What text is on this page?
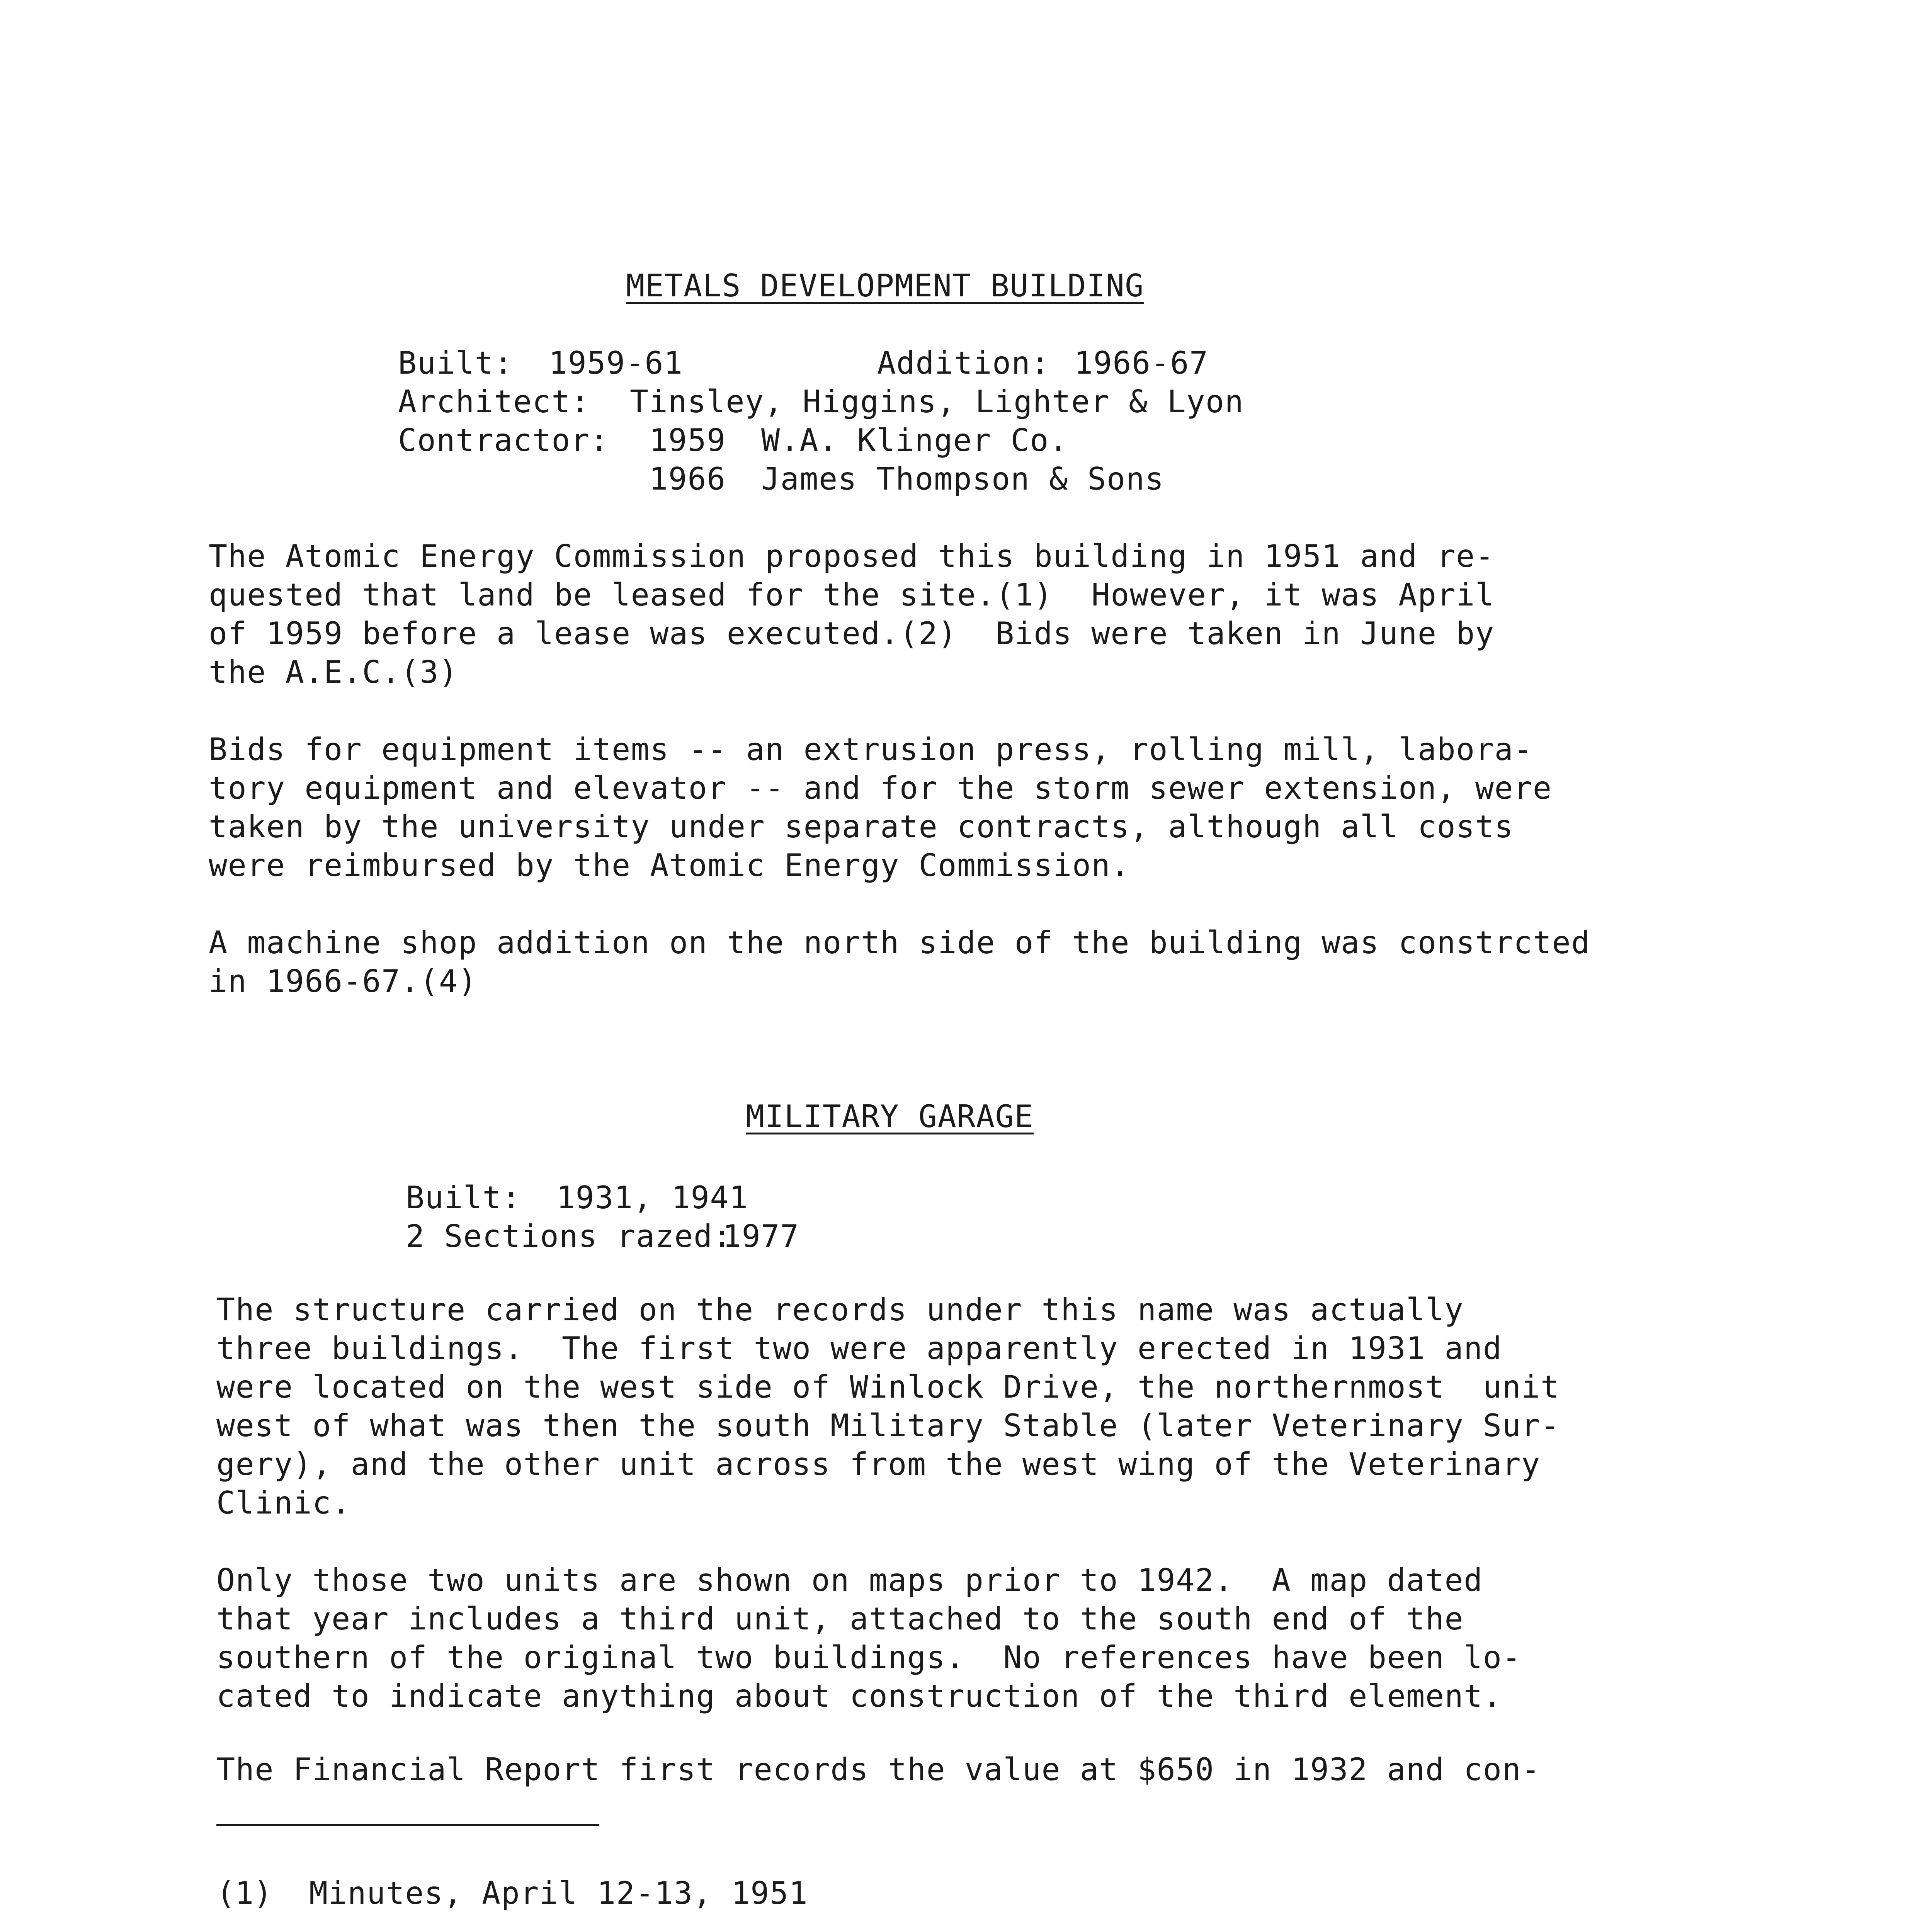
METALS DEVELOPMENT BUILDING
Built: 1959-61	Addition: 1966-67
Architect: Tinsley, Higgins, Lighter & Lyon
Contractor: 1959 W.A. Klinger Co.
1966 James Thompson & Sons
The Atomic Energy Commission proposed this building in 1951 and re-
quested that land be leased for the site.(1)  However, it was April
of 1959 before a lease was executed.(2)  Bids were taken in June by
the A.E.C.(3)
Bids for equipment items -- an extrusion press, rolling mill, labora-
tory equipment and elevator -- and for the storm sewer extension, were
taken by the university under separate contracts, although all costs
were reimbursed by the Atomic Energy Commission.
A machine shop addition on the north side of the building was constrcted
in 1966-67.(4)
MILITARY GARAGE
Built: 1931, 1941
2 Sections razed:
1977
The structure carried on the records under this name was actually
three buildings.  The first two were apparently erected in 1931 and
were located on the west side of Winlock Drive, the northernmost  unit
west of what was then the south Military Stable (later Veterinary Sur-
gery), and the other unit across from the west wing of the Veterinary
Clinic.
Only those two units are shown on maps prior to 1942.  A map dated
that year includes a third unit, attached to the south end of the
southern of the original two buildings.  No references have been lo-
cated to indicate anything about construction of the third element.
The Financial Report first records the value at $650 in 1932 and con-
(1) Minutes, April 12-13, 1951
